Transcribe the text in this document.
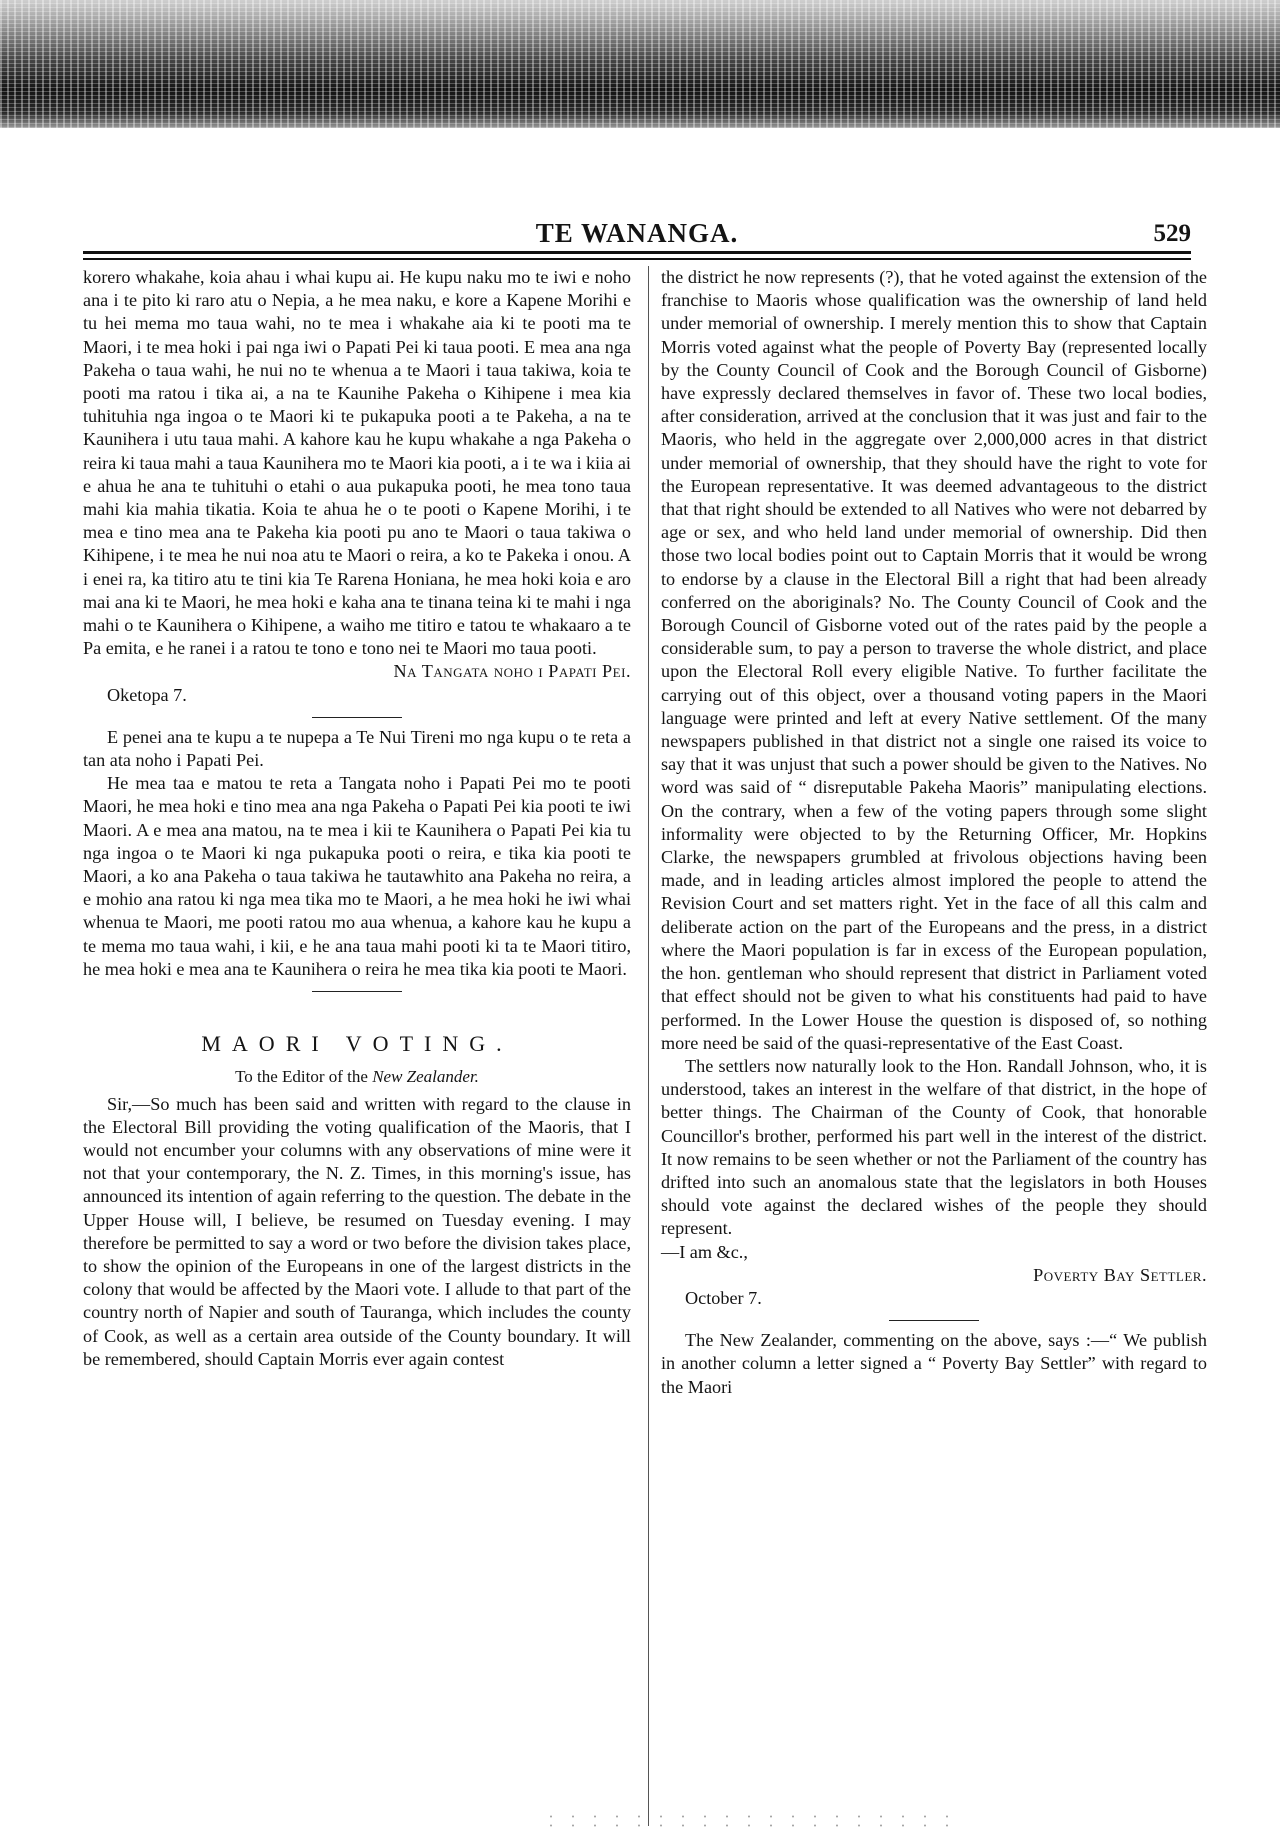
TE WANANGA.	529

korero whakahe, koia ahau i whai kupu ai. He kupu naku mo te iwi e noho ana i te pito ki raro atu o Nepia, a he mea naku, e kore a Kapene Morihi e tu hei mema mo taua wahi, no te mea i whakahe aia ki te pooti ma te Maori, i te mea hoki i pai nga iwi o Papati Pei ki taua pooti. E mea ana nga Pakeha o taua wahi, he nui no te whenua a te Maori i taua takiwa, koia te pooti ma ratou i tika ai, a na te Kaunihe Pakeha o Kihipene i mea kia tuhituhia nga ingoa o te Maori ki te pukapuka pooti a te Pakeha, a na te Kaunihera i utu taua mahi. A kahore kau he kupu whakahe a nga Pakeha o reira ki taua mahi a taua Kaunihera mo te Maori kia pooti, a i te wa i kiia ai e ahua he ana te tuhituhi o etahi o aua pukapuka pooti, he mea tono taua mahi kia mahia tikatia. Koia te ahua he o te pooti o Kapene Morihi, i te mea e tino mea ana te Pakeha kia pooti pu ano te Maori o taua takiwa o Kihipene, i te mea he nui noa atu te Maori o reira, a ko te Pakeka i onou. A i enei ra, ka titiro atu te tini kia Te Rarena Honiana, he mea hoki koia e aro mai ana ki te Maori, he mea hoki e kaha ana te tinana teina ki te mahi i nga mahi o te Kaunihera o Kihipene, a waiho me titiro e tatou te whakaaro a te Pa emita, e he ranei i a ratou te tono e tono nei te Maori mo taua pooti.

Na Tangata noho i Papati Pei.

Oketopa 7.

E penei ana te kupu a te nupepa a Te Nui Tireni mo nga kupu o te reta a tan ata noho i Papati Pei.

He mea taa e matou te reta a Tangata noho i Papati Pei mo te pooti Maori, he mea hoki e tino mea ana nga Pakeha o Papati Pei kia pooti te iwi Maori. A e mea ana matou, na te mea i kii te Kaunihera o Papati Pei kia tu nga ingoa o te Maori ki nga pukapuka pooti o reira, e tika kia pooti te Maori, a ko ana Pakeha o taua takiwa he tautawhito ana Pakeha no reira, a e mohio ana ratou ki nga mea tika mo te Maori, a he mea hoki he iwi whai whenua te Maori, me pooti ratou mo aua whenua, a kahore kau he kupu a te mema mo taua wahi, i kii, e he ana taua mahi pooti ki ta te Maori titiro, he mea hoki e mea ana te Kaunihera o reira he mea tika kia pooti te Maori.

MAORI VOTING.
To the Editor of the New Zealander.

Sir,—So much has been said and written with regard to the clause in the Electoral Bill providing the voting qualification of the Maoris, that I would not encumber your columns with any observations of mine were it not that your contemporary, the N. Z. Times, in this morning's issue, has announced its intention of again referring to the question. The debate in the Upper House will, I believe, be resumed on Tuesday evening. I may therefore be permitted to say a word or two before the division takes place, to show the opinion of the Europeans in one of the largest districts in the colony that would be affected by the Maori vote. I allude to that part of the country north of Napier and south of Tauranga, which includes the county of Cook, as well as a certain area outside of the County boundary. It will be remembered, should Captain Morris ever again contest

the district he now represents (?), that he voted against the extension of the franchise to Maoris whose qualification was the ownership of land held under memorial of ownership. I merely mention this to show that Captain Morris voted against what the people of Poverty Bay (represented locally by the County Council of Cook and the Borough Council of Gisborne) have expressly declared themselves in favor of. These two local bodies, after consideration, arrived at the conclusion that it was just and fair to the Maoris, who held in the aggregate over 2,000,000 acres in that district under memorial of ownership, that they should have the right to vote for the European representative. It was deemed advantageous to the district that that right should be extended to all Natives who were not debarred by age or sex, and who held land under memorial of ownership. Did then those two local bodies point out to Captain Morris that it would be wrong to endorse by a clause in the Electoral Bill a right that had been already conferred on the aboriginals? No. The County Council of Cook and the Borough Council of Gisborne voted out of the rates paid by the people a considerable sum, to pay a person to traverse the whole district, and place upon the Electoral Roll every eligible Native. To further facilitate the carrying out of this object, over a thousand voting papers in the Maori language were printed and left at every Native settlement. Of the many newspapers published in that district not a single one raised its voice to say that it was unjust that such a power should be given to the Natives. No word was said of “ disreputable Pakeha Maoris” manipulating elections. On the contrary, when a few of the voting papers through some slight informality were objected to by the Returning Officer, Mr. Hopkins Clarke, the newspapers grumbled at frivolous objections having been made, and in leading articles almost implored the people to attend the Revision Court and set matters right. Yet in the face of all this calm and deliberate action on the part of the Europeans and the press, in a district where the Maori population is far in excess of the European population, the hon. gentleman who should represent that district in Parliament voted that effect should not be given to what his constituents had paid to have performed. In the Lower House the question is disposed of, so nothing more need be said of the quasi-representative of the East Coast.

The settlers now naturally look to the Hon. Randall Johnson, who, it is understood, takes an interest in the welfare of that district, in the hope of better things. The Chairman of the County of Cook, that honorable Councillor's brother, performed his part well in the interest of the district. It now remains to be seen whether or not the Parliament of the country has drifted into such an anomalous state that the legislators in both Houses should vote against the declared wishes of the people they should represent.

—I am &c.,

Poverty Bay Settler.

October 7.

The New Zealander, commenting on the above, says :—“ We publish in another column a letter signed a “ Poverty Bay Settler” with regard to the Maori
